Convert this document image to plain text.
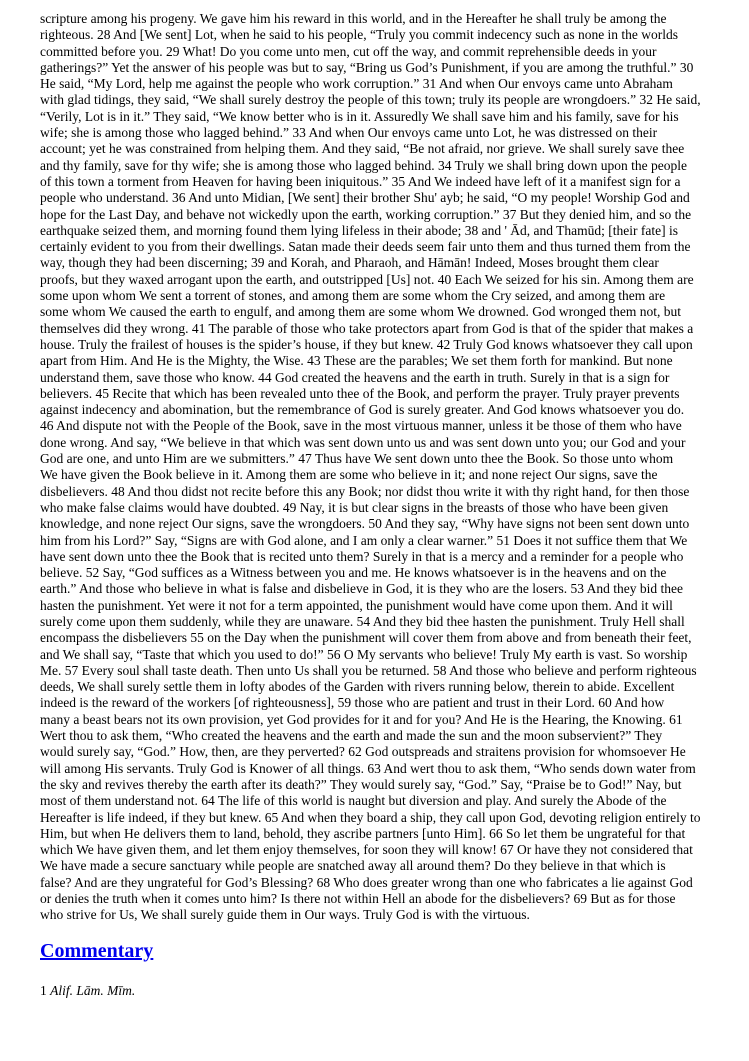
scripture among his progeny. We gave him his reward in this world, and in the Hereafter he shall truly be among the
righteous. 28 And [We sent] Lot, when he said to his people, “Truly you commit indecency such as none in the worlds
committed before you. 29 What! Do you come unto men, cut off the way, and commit reprehensible deeds in your
gatherings?” Yet the answer of his people was but to say, “Bring us God’s Punishment, if you are among the truthful.” 30
He said, “My Lord, help me against the people who work corruption.” 31 And when Our envoys came unto Abraham
with glad tidings, they said, “We shall surely destroy the people of this town; truly its people are wrongdoers.” 32 He said,
“Verily, Lot is in it.” They said, “We know better who is in it. Assuredly We shall save him and his family, save for his
wife; she is among those who lagged behind.” 33 And when Our envoys came unto Lot, he was distressed on their
account; yet he was constrained from helping them. And they said, “Be not afraid, nor grieve. We shall surely save thee
and thy family, save for thy wife; she is among those who lagged behind. 34 Truly we shall bring down upon the people
of this town a torment from Heaven for having been iniquitous.” 35 And We indeed have left of it a manifest sign for a
people who understand. 36 And unto Midian, [We sent] their brother Shu' ayb; he said, “O my people! Worship God and
hope for the Last Day, and behave not wickedly upon the earth, working corruption.” 37 But they denied him, and so the
earthquake seized them, and morning found them lying lifeless in their abode; 38 and ' Ād, and Thamūd; [their fate] is
certainly evident to you from their dwellings. Satan made their deeds seem fair unto them and thus turned them from the
way, though they had been discerning; 39 and Korah, and Pharaoh, and Hāmān! Indeed, Moses brought them clear
proofs, but they waxed arrogant upon the earth, and outstripped [Us] not. 40 Each We seized for his sin. Among them are
some upon whom We sent a torrent of stones, and among them are some whom the Cry seized, and among them are
some whom We caused the earth to engulf, and among them are some whom We drowned. God wronged them not, but
themselves did they wrong. 41 The parable of those who take protectors apart from God is that of the spider that makes a
house. Truly the frailest of houses is the spider’s house, if they but knew. 42 Truly God knows whatsoever they call upon
apart from Him. And He is the Mighty, the Wise. 43 These are the parables; We set them forth for mankind. But none
understand them, save those who know. 44 God created the heavens and the earth in truth. Surely in that is a sign for
believers. 45 Recite that which has been revealed unto thee of the Book, and perform the prayer. Truly prayer prevents
against indecency and abomination, but the remembrance of God is surely greater. And God knows whatsoever you do.
46 And dispute not with the People of the Book, save in the most virtuous manner, unless it be those of them who have
done wrong. And say, “We believe in that which was sent down unto us and was sent down unto you; our God and your
God are one, and unto Him are we submitters.” 47 Thus have We sent down unto thee the Book. So those unto whom
We have given the Book believe in it. Among them are some who believe in it; and none reject Our signs, save the
disbelievers. 48 And thou didst not recite before this any Book; nor didst thou write it with thy right hand, for then those
who make false claims would have doubted. 49 Nay, it is but clear signs in the breasts of those who have been given
knowledge, and none reject Our signs, save the wrongdoers. 50 And they say, “Why have signs not been sent down unto
him from his Lord?” Say, “Signs are with God alone, and I am only a clear warner.” 51 Does it not suffice them that We
have sent down unto thee the Book that is recited unto them? Surely in that is a mercy and a reminder for a people who
believe. 52 Say, “God suffices as a Witness between you and me. He knows whatsoever is in the heavens and on the
earth.” And those who believe in what is false and disbelieve in God, it is they who are the losers. 53 And they bid thee
hasten the punishment. Yet were it not for a term appointed, the punishment would have come upon them. And it will
surely come upon them suddenly, while they are unaware. 54 And they bid thee hasten the punishment. Truly Hell shall
encompass the disbelievers 55 on the Day when the punishment will cover them from above and from beneath their feet,
and We shall say, “Taste that which you used to do!” 56 O My servants who believe! Truly My earth is vast. So worship
Me. 57 Every soul shall taste death. Then unto Us shall you be returned. 58 And those who believe and perform righteous
deeds, We shall surely settle them in lofty abodes of the Garden with rivers running below, therein to abide. Excellent
indeed is the reward of the workers [of righteousness], 59 those who are patient and trust in their Lord. 60 And how
many a beast bears not its own provision, yet God provides for it and for you? And He is the Hearing, the Knowing. 61
Wert thou to ask them, “Who created the heavens and the earth and made the sun and the moon subservient?” They
would surely say, “God.” How, then, are they perverted? 62 God outspreads and straitens provision for whomsoever He
will among His servants. Truly God is Knower of all things. 63 And wert thou to ask them, “Who sends down water from
the sky and revives thereby the earth after its death?” They would surely say, “God.” Say, “Praise be to God!” Nay, but
most of them understand not. 64 The life of this world is naught but diversion and play. And surely the Abode of the
Hereafter is life indeed, if they but knew. 65 And when they board a ship, they call upon God, devoting religion entirely to
Him, but when He delivers them to land, behold, they ascribe partners [unto Him]. 66 So let them be ungrateful for that
which We have given them, and let them enjoy themselves, for soon they will know! 67 Or have they not considered that
We have made a secure sanctuary while people are snatched away all around them? Do they believe in that which is
false? And are they ungrateful for God’s Blessing? 68 Who does greater wrong than one who fabricates a lie against God
or denies the truth when it comes unto him? Is there not within Hell an abode for the disbelievers? 69 But as for those
who strive for Us, We shall surely guide them in Our ways. Truly God is with the virtuous.
Commentary
1 Alif. Lām. Mīm.
